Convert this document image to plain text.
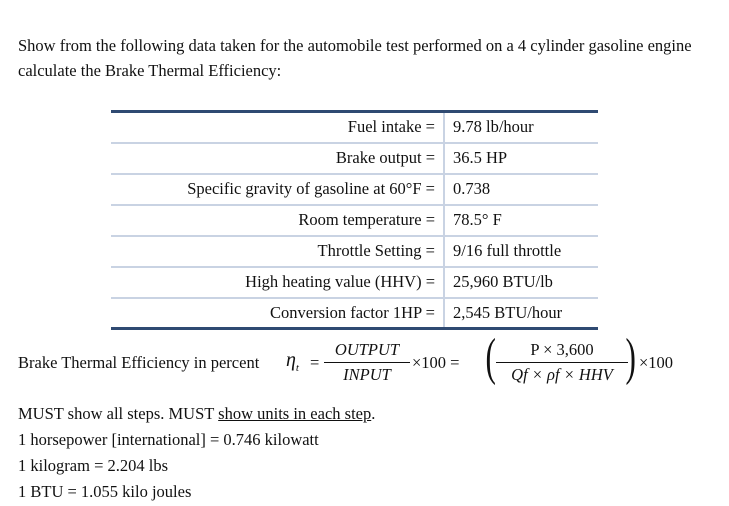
Show from the following data taken for the automobile test performed on a 4 cylinder gasoline engine calculate the Brake Thermal Efficiency:
Fuel intake =	9.78 lb/hour
Brake output =	36.5 HP
Specific gravity of gasoline at 60°F =	0.738
Room temperature =	78.5° F
Throttle Setting =	9/16 full throttle
High heating value (HHV) =	25,960 BTU/lb
Conversion factor 1HP =	2,545 BTU/hour
Brake Thermal Efficiency in percent $\eta_t$ =
OUTPUT
INPUT
×100 = (	P × 3,600
Qf × ρf × HHV ) ×100
MUST show all steps. MUST show units in each step.
1 horsepower [international] = 0.746 kilowatt
1 kilogram = 2.204 lbs
1 BTU = 1.055 kilo joules
